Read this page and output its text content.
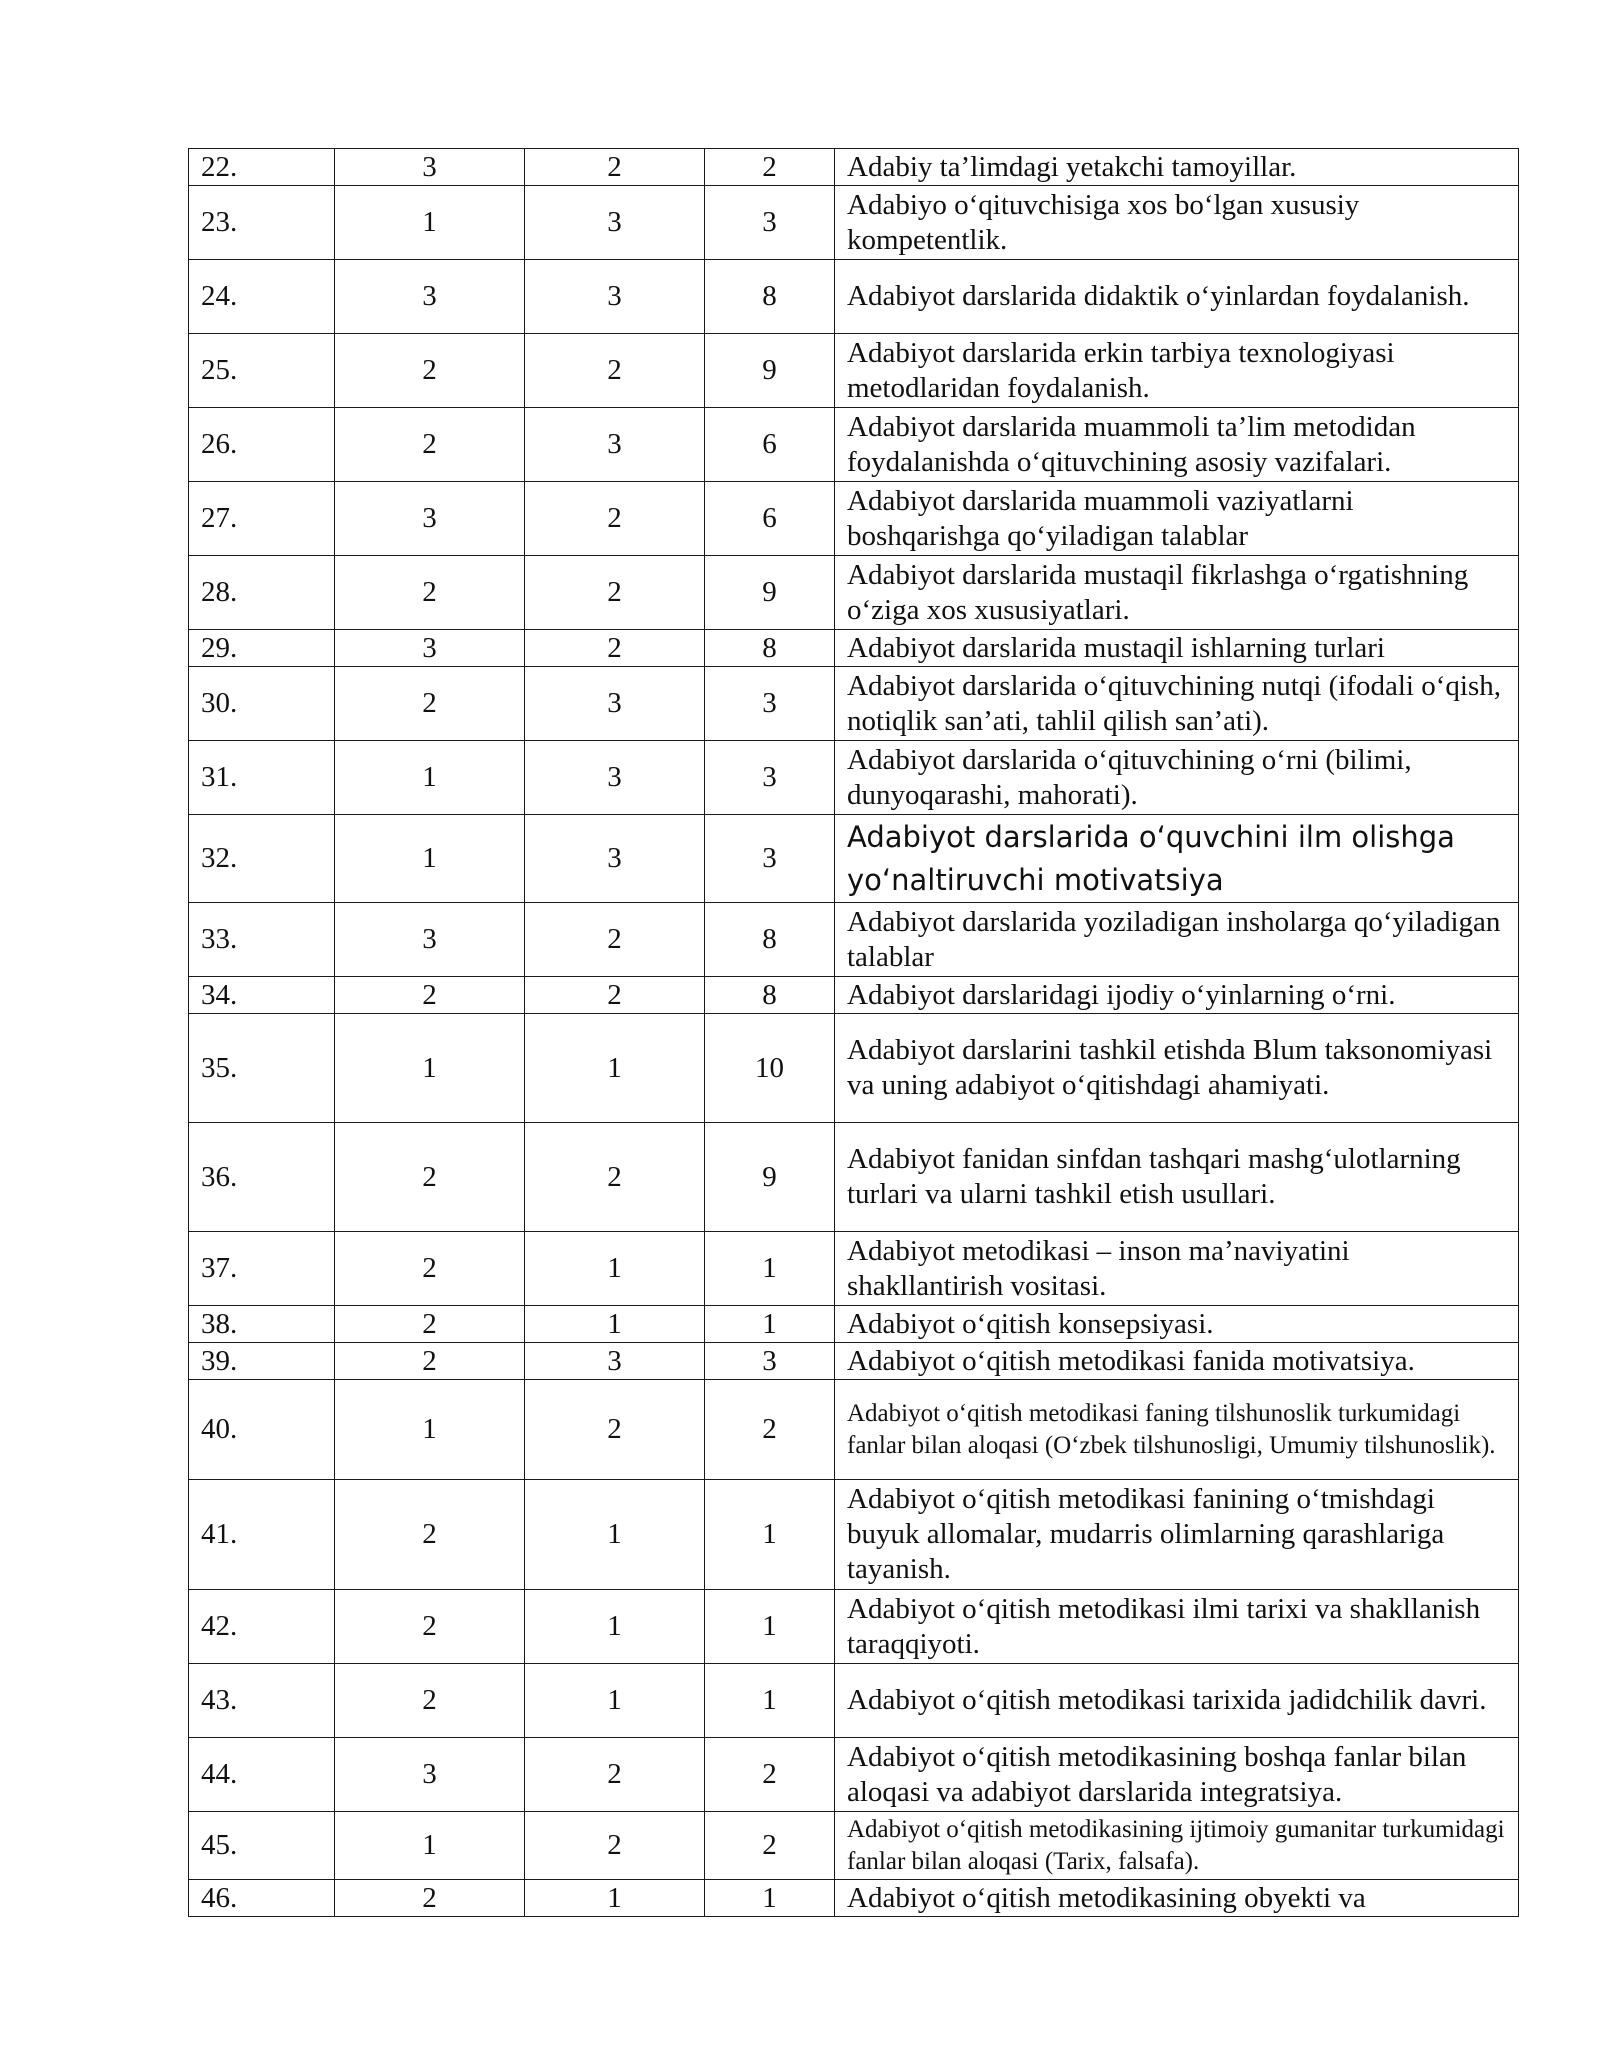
22.	3	2	2	Adabiy ta’limdagi yetakchi tamoyillar.
23.	1	3	3	Adabiyo o‘qituvchisiga xos bo‘lgan xususiy kompetentlik.
24.	3	3	8	Adabiyot darslarida didaktik o‘yinlardan foydalanish.
25.	2	2	9	Adabiyot darslarida erkin tarbiya texnologiyasi metodlaridan foydalanish.
26.	2	3	6	Adabiyot darslarida muammoli ta’lim metodidan foydalanishda o‘qituvchining asosiy vazifalari.
27.	3	2	6	Adabiyot darslarida muammoli vaziyatlarni boshqarishga qo‘yiladigan talablar
28.	2	2	9	Adabiyot darslarida mustaqil fikrlashga o‘rgatishning o‘ziga xos xususiyatlari.
29.	3	2	8	Adabiyot darslarida mustaqil ishlarning turlari
30.	2	3	3	Adabiyot darslarida o‘qituvchining nutqi (ifodali o‘qish, notiqlik san’ati, tahlil qilish san’ati).
31.	1	3	3	Adabiyot darslarida o‘qituvchining o‘rni (bilimi, dunyoqarashi, mahorati).
32.	1	3	3	Adabiyot darslarida o‘quvchini ilm olishga yo‘naltiruvchi motivatsiya
33.	3	2	8	Adabiyot darslarida yoziladigan insholarga qo‘yiladigan talablar
34.	2	2	8	Adabiyot darslaridagi ijodiy o‘yinlarning o‘rni.
35.	1	1	10	Adabiyot darslarini tashkil etishda Blum taksonomiyasi va uning adabiyot o‘qitishdagi ahamiyati.
36.	2	2	9	Adabiyot fanidan sinfdan tashqari mashg‘ulotlarning turlari va ularni tashkil etish usullari.
37.	2	1	1	Adabiyot metodikasi – inson ma’naviyatini shakllantirish vositasi.
38.	2	1	1	Adabiyot o‘qitish konsepsiyasi.
39.	2	3	3	Adabiyot o‘qitish metodikasi fanida motivatsiya.
40.	1	2	2	Adabiyot o‘qitish metodikasi faning tilshunoslik turkumidagi fanlar bilan aloqasi (O‘zbek tilshunosligi, Umumiy tilshunoslik).
41.	2	1	1	Adabiyot o‘qitish metodikasi fanining o‘tmishdagi buyuk allomalar, mudarris olimlarning qarashlariga tayanish.
42.	2	1	1	Adabiyot o‘qitish metodikasi ilmi tarixi va shakllanish taraqqiyoti.
43.	2	1	1	Adabiyot o‘qitish metodikasi tarixida jadidchilik davri.
44.	3	2	2	Adabiyot o‘qitish metodikasining boshqa fanlar bilan aloqasi va adabiyot darslarida integratsiya.
45.	1	2	2	Adabiyot o‘qitish metodikasining ijtimoiy gumanitar turkumidagi fanlar bilan aloqasi (Tarix, falsafa).
46.	2	1	1	Adabiyot o‘qitish metodikasining obyekti va
